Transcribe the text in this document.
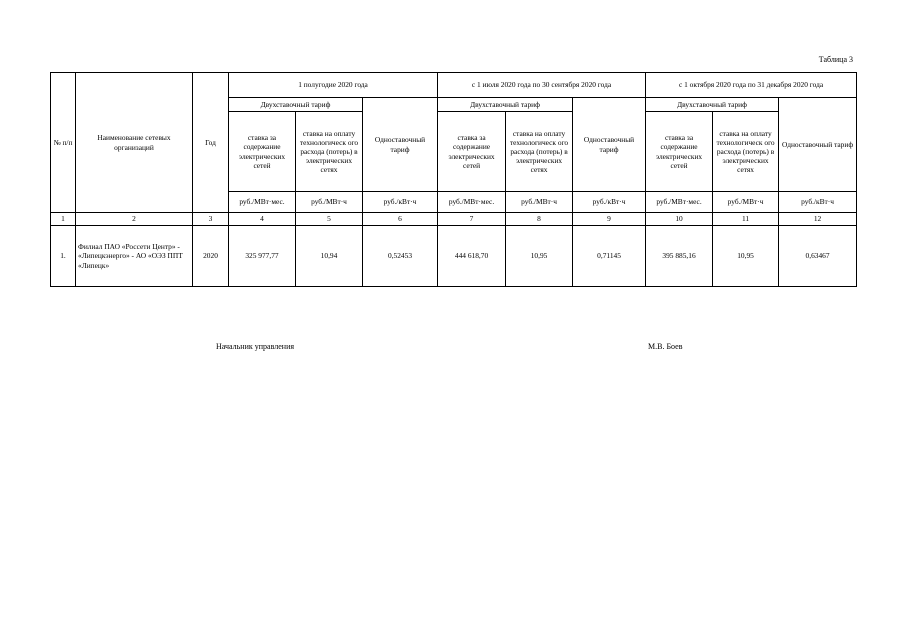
Таблица 3
№ п/п	Наименование сетевых организаций	Год	1 полугодие 2020 года			с 1 июля 2020 года по 30 сентября 2020 года			с 1 октября 2020 года по 31 декабря 2020 года		
			Двухставочный тариф		Одноставочный тариф	Двухставочный тариф		Одноставочный тариф	Двухставочный тариф		Одноставочный тариф
			ставка за содержание электрических сетей	ставка на оплату технологическ ого расхода (потерь) в электрических сетях		ставка за содержание электрических сетей	ставка на оплату технологическ ого расхода (потерь) в электрических сетях		ставка за содержание электрических сетей	ставка на оплату технологическ ого расхода (потерь) в электрических сетях	
			руб./МВт·мес.	руб./МВт·ч	руб./кВт·ч	руб./МВт·мес.	руб./МВт·ч	руб./кВт·ч	руб./МВт·мес.	руб./МВт·ч	руб./кВт·ч
1	2	3	4	5	6	7	8	9	10	11	12
1.	Филиал ПАО «Россети Центр» - «Липецкэнерго» - АО «ОЭЗ ППТ «Липецк»	2020	325 977,77	10,94	0,52453	444 618,70	10,95	0,71145	395 885,16	10,95	0,63467
Начальник управления	М.В. Боев
